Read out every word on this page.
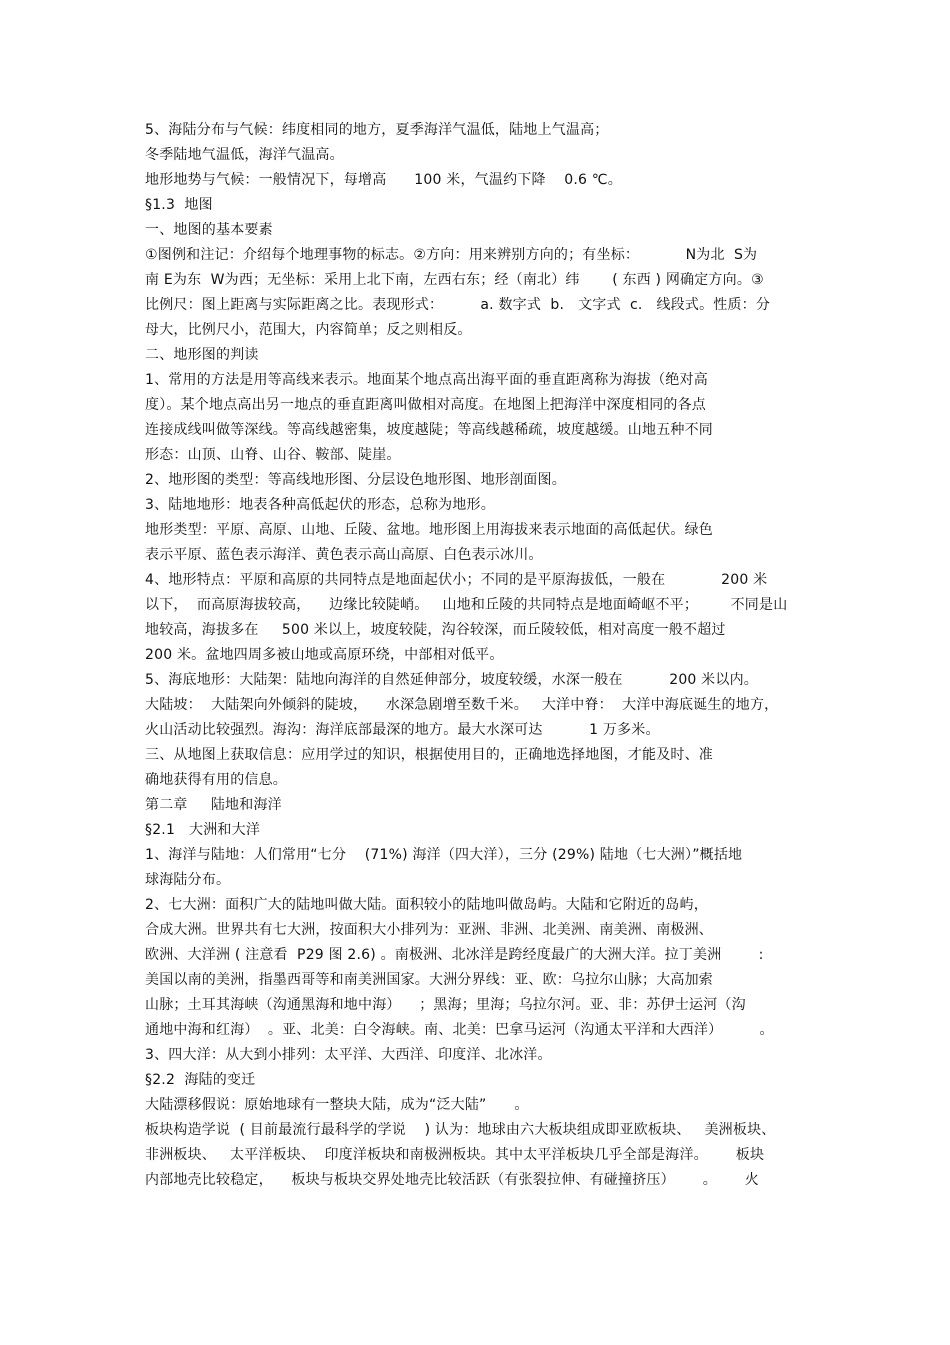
5、海陆分布与气候：纬度相同的地方，夏季海洋气温低，陆地上气温高；
冬季陆地气温低，海洋气温高。
地形地势与气候：一般情况下，每增高      100 米，气温约下降    0.6 ℃。
§1.3  地图
一、地图的基本要素
①图例和注记：介绍每个地理事物的标志。②方向：用来辨别方向的；有坐标：          N为北  S为
南 E为东  W为西；无坐标：采用上北下南，左西右东；经（南北）纬       ( 东西 ) 网确定方向。③
比例尺：图上距离与实际距离之比。表现形式：        a. 数字式  b.   文字式  c.   线段式。性质：分
母大，比例尺小，范围大，内容简单；反之则相反。
二、地形图的判读
1、常用的方法是用等高线来表示。地面某个地点高出海平面的垂直距离称为海拔（绝对高
度）。某个地点高出另一地点的垂直距离叫做相对高度。在地图上把海洋中深度相同的各点
连接成线叫做等深线。等高线越密集，坡度越陡；等高线越稀疏，坡度越缓。山地五种不同
形态：山顶、山脊、山谷、鞍部、陡崖。
2、地形图的类型：等高线地形图、分层设色地形图、地形剖面图。
3、陆地地形：地表各种高低起伏的形态，总称为地形。
地形类型：平原、高原、山地、丘陵、盆地。地形图上用海拔来表示地面的高低起伏。绿色
表示平原、蓝色表示海洋、黄色表示高山高原、白色表示冰川。
4、地形特点：平原和高原的共同特点是地面起伏小；不同的是平原海拔低，一般在            200 米
以下，  而高原海拔较高，    边缘比较陡峭。   山地和丘陵的共同特点是地面崎岖不平；       不同是山
地较高，海拔多在     500 米以上，坡度较陡，沟谷较深，而丘陵较低，相对高度一般不超过
200 米。盆地四周多被山地或高原环绕，中部相对低平。
5、海底地形：大陆架：陆地向海洋的自然延伸部分，坡度较缓，水深一般在          200 米以内。
大陆坡：  大陆架向外倾斜的陡坡，    水深急剧增至数千米。   大洋中脊：  大洋中海底诞生的地方，
火山活动比较强烈。海沟：海洋底部最深的地方。最大水深可达          1 万多米。
三、从地图上获取信息：应用学过的知识，根据使用目的，正确地选择地图，才能及时、准
确地获得有用的信息。
第二章     陆地和海洋
§2.1   大洲和大洋
1、海洋与陆地：人们常用“七分    (71%) 海洋（四大洋），三分 (29%) 陆地（七大洲）”概括地
球海陆分布。
2、七大洲：面积广大的陆地叫做大陆。面积较小的陆地叫做岛屿。大陆和它附近的岛屿，
合成大洲。世界共有七大洲，按面积大小排列为：亚洲、非洲、北美洲、南美洲、南极洲、
欧洲、大洋洲 ( 注意看  P29 图 2.6) 。南极洲、北冰洋是跨经度最广的大洲大洋。拉丁美洲        :
美国以南的美洲，指墨西哥等和南美洲国家。大洲分界线：亚、欧：乌拉尔山脉；大高加索
山脉；土耳其海峡（沟通黑海和地中海）    ；黑海；里海；乌拉尔河。亚、非：苏伊士运河（沟
通地中海和红海）  。亚、北美：白令海峡。南、北美：巴拿马运河（沟通太平洋和大西洋）        。
3、四大洋：从大到小排列：太平洋、大西洋、印度洋、北冰洋。
§2.2  海陆的变迁
大陆漂移假说：原始地球有一整块大陆，成为“泛大陆”      。
板块构造学说  ( 目前最流行最科学的学说    ) 认为：地球由六大板块组成即亚欧板块、   美洲板块、
非洲板块、   太平洋板块、  印度洋板块和南极洲板块。其中太平洋板块几乎全部是海洋。      板块
内部地壳比较稳定，    板块与板块交界处地壳比较活跃（有张裂拉伸、有碰撞挤压）      。      火
